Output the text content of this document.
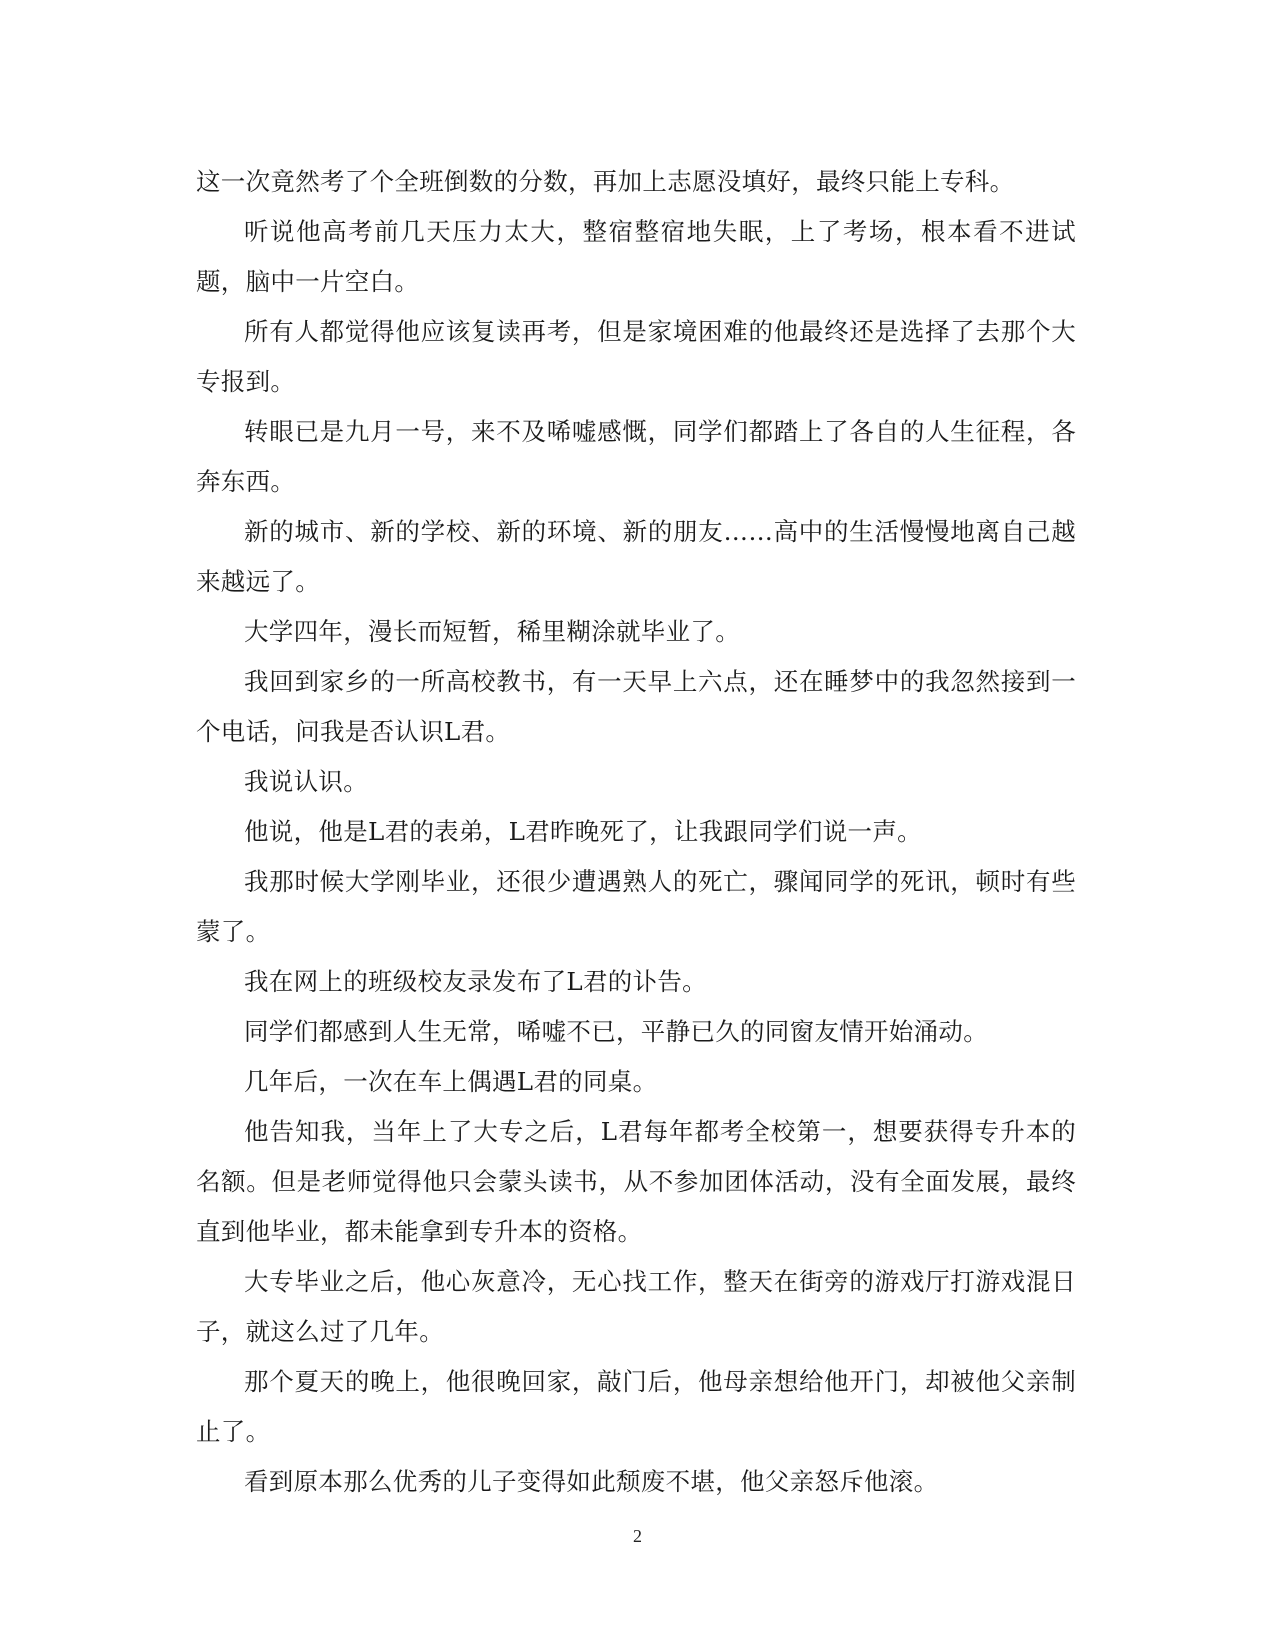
这一次竟然考了个全班倒数的分数，再加上志愿没填好，最终只能上专科。

听说他高考前几天压力太大，整宿整宿地失眠，上了考场，根本看不进试题，脑中一片空白。

所有人都觉得他应该复读再考，但是家境困难的他最终还是选择了去那个大专报到。

转眼已是九月一号，来不及唏嘘感慨，同学们都踏上了各自的人生征程，各奔东西。

新的城市、新的学校、新的环境、新的朋友……高中的生活慢慢地离自己越来越远了。

大学四年，漫长而短暂，稀里糊涂就毕业了。

我回到家乡的一所高校教书，有一天早上六点，还在睡梦中的我忽然接到一个电话，问我是否认识L君。

我说认识。

他说，他是L君的表弟，L君昨晚死了，让我跟同学们说一声。

我那时候大学刚毕业，还很少遭遇熟人的死亡，骤闻同学的死讯，顿时有些蒙了。

我在网上的班级校友录发布了L君的讣告。

同学们都感到人生无常，唏嘘不已，平静已久的同窗友情开始涌动。

几年后，一次在车上偶遇L君的同桌。

他告知我，当年上了大专之后，L君每年都考全校第一，想要获得专升本的名额。但是老师觉得他只会蒙头读书，从不参加团体活动，没有全面发展，最终直到他毕业，都未能拿到专升本的资格。

大专毕业之后，他心灰意冷，无心找工作，整天在街旁的游戏厅打游戏混日子，就这么过了几年。

那个夏天的晚上，他很晚回家，敲门后，他母亲想给他开门，却被他父亲制止了。

看到原本那么优秀的儿子变得如此颓废不堪，他父亲怒斥他滚。

2
